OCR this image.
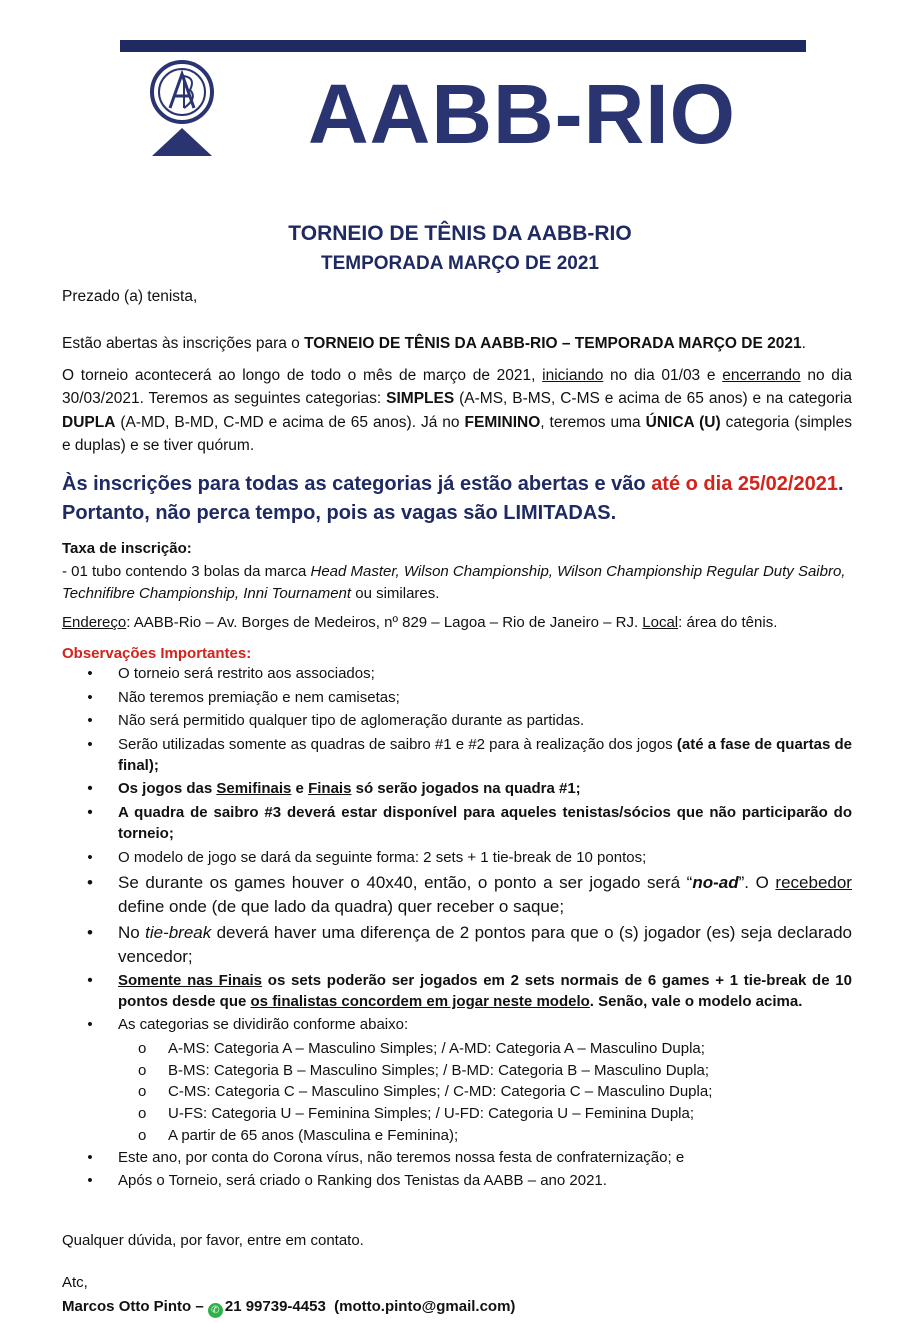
AABB-RIO
TORNEIO DE TÊNIS DA AABB-RIO
TEMPORADA MARÇO DE 2021
Prezado (a) tenista,
Estão abertas às inscrições para o TORNEIO DE TÊNIS DA AABB-RIO – TEMPORADA MARÇO DE 2021.
O torneio acontecerá ao longo de todo o mês de março de 2021, iniciando no dia 01/03 e encerrando no dia 30/03/2021. Teremos as seguintes categorias: SIMPLES (A-MS, B-MS, C-MS e acima de 65 anos) e na categoria DUPLA (A-MD, B-MD, C-MD e acima de 65 anos). Já no FEMININO, teremos uma ÚNICA (U) categoria (simples e duplas) e se tiver quórum.
Às inscrições para todas as categorias já estão abertas e vão até o dia 25/02/2021.
Portanto, não perca tempo, pois as vagas são LIMITADAS.
Taxa de inscrição:
- 01 tubo contendo 3 bolas da marca Head Master, Wilson Championship, Wilson Championship Regular Duty Saibro, Technifibre Championship, Inni Tournament ou similares.
Endereço: AABB-Rio – Av. Borges de Medeiros, nº 829 – Lagoa – Rio de Janeiro – RJ. Local: área do tênis.
Observações Importantes:
•	O torneio será restrito aos associados;
•	Não teremos premiação e nem camisetas;
•	Não será permitido qualquer tipo de aglomeração durante as partidas.
•	Serão utilizadas somente as quadras de saibro #1 e #2 para à realização dos jogos (até a fase de quartas de final);
•	Os jogos das Semifinais e Finais só serão jogados na quadra #1;
•	A quadra de saibro #3 deverá estar disponível para aqueles tenistas/sócios que não participarão do torneio;
•	O modelo de jogo se dará da seguinte forma: 2 sets + 1 tie-break de 10 pontos;
•	Se durante os games houver o 40x40, então, o ponto a ser jogado será “no-ad”. O recebedor define onde (de que lado da quadra) quer receber o saque;
•	No tie-break deverá haver uma diferença de 2 pontos para que o (s) jogador (es) seja declarado vencedor;
•	Somente nas Finais os sets poderão ser jogados em 2 sets normais de 6 games + 1 tie-break de 10 pontos desde que os finalistas concordem em jogar neste modelo. Senão, vale o modelo acima.
•	As categorias se dividirão conforme abaixo:
o	A-MS: Categoria A – Masculino Simples; / A-MD: Categoria A – Masculino Dupla;
o	B-MS: Categoria B – Masculino Simples; / B-MD: Categoria B – Masculino Dupla;
o	C-MS: Categoria C – Masculino Simples; / C-MD: Categoria C – Masculino Dupla;
o	U-FS: Categoria U – Feminina Simples; / U-FD: Categoria U – Feminina Dupla;
o	A partir de 65 anos (Masculina e Feminina);
•	Este ano, por conta do Corona vírus, não teremos nossa festa de confraternização; e
•	Após o Torneio, será criado o Ranking dos Tenistas da AABB – ano 2021.
Qualquer dúvida, por favor, entre em contato.
Atc,
Marcos Otto Pinto – ✆ 21 99739-4453 (motto.pinto@gmail.com)
